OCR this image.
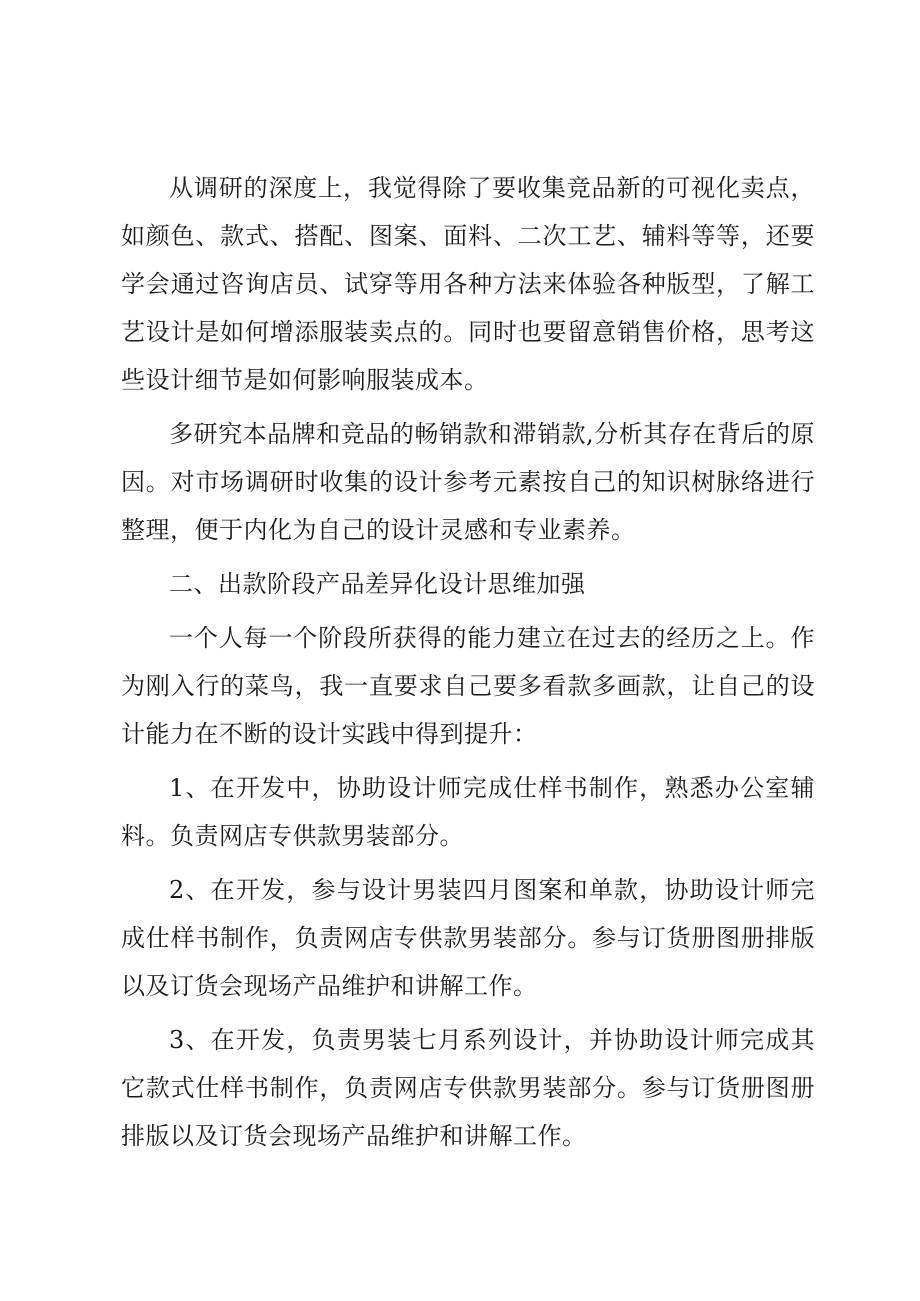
从调研的深度上，我觉得除了要收集竞品新的可视化卖点，如颜色、款式、搭配、图案、面料、二次工艺、辅料等等，还要学会通过咨询店员、试穿等用各种方法来体验各种版型，了解工艺设计是如何增添服装卖点的。同时也要留意销售价格，思考这些设计细节是如何影响服装成本。

多研究本品牌和竞品的畅销款和滞销款,分析其存在背后的原因。对市场调研时收集的设计参考元素按自己的知识树脉络进行整理，便于内化为自己的设计灵感和专业素养。

二、出款阶段产品差异化设计思维加强

一个人每一个阶段所获得的能力建立在过去的经历之上。作为刚入行的菜鸟，我一直要求自己要多看款多画款，让自己的设计能力在不断的设计实践中得到提升：

1、在开发中，协助设计师完成仕样书制作，熟悉办公室辅料。负责网店专供款男装部分。

2、在开发，参与设计男装四月图案和单款，协助设计师完成仕样书制作，负责网店专供款男装部分。参与订货册图册排版以及订货会现场产品维护和讲解工作。

3、在开发，负责男装七月系列设计，并协助设计师完成其它款式仕样书制作，负责网店专供款男装部分。参与订货册图册排版以及订货会现场产品维护和讲解工作。
